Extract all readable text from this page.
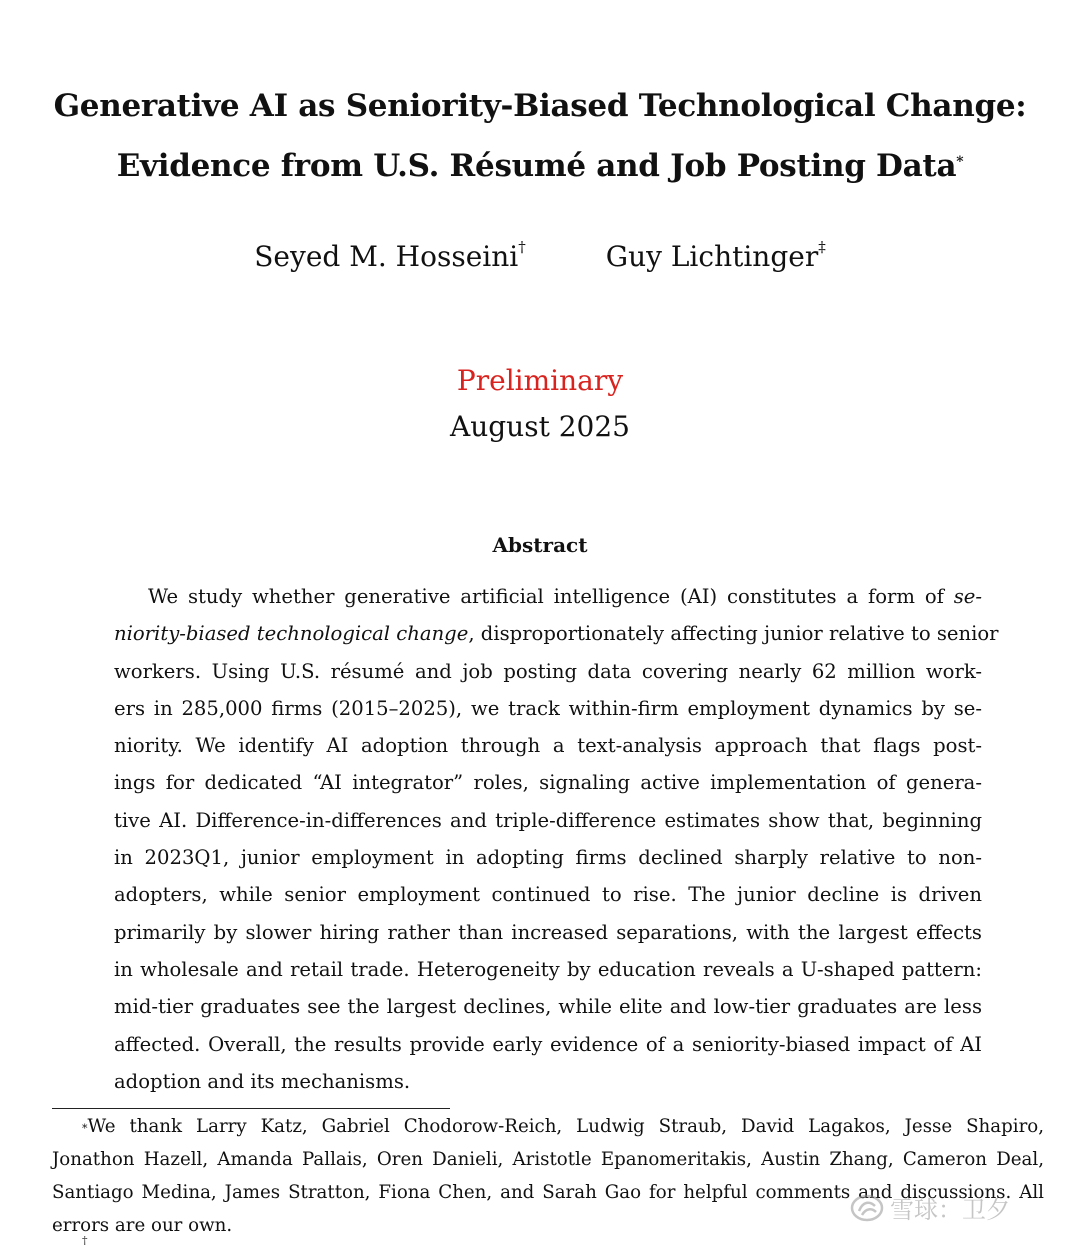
Generative AI as Seniority-Biased Technological Change:
Evidence from U.S. Résumé and Job Posting Data*
Seyed M. Hosseini†	Guy Lichtinger‡
Preliminary
August 2025
Abstract
We study whether generative artificial intelligence (AI) constitutes a form of se-
niority-biased technological change, disproportionately affecting junior relative to senior
workers. Using U.S. résumé and job posting data covering nearly 62 million work-
ers in 285,000 firms (2015–2025), we track within-firm employment dynamics by se-
niority. We identify AI adoption through a text-analysis approach that flags post-
ings for dedicated “AI integrator” roles, signaling active implementation of genera-
tive AI. Difference-in-differences and triple-difference estimates show that, beginning
in 2023Q1, junior employment in adopting firms declined sharply relative to non-
adopters, while senior employment continued to rise. The junior decline is driven
primarily by slower hiring rather than increased separations, with the largest effects
in wholesale and retail trade. Heterogeneity by education reveals a U-shaped pattern:
mid-tier graduates see the largest declines, while elite and low-tier graduates are less
affected. Overall, the results provide early evidence of a seniority-biased impact of AI
adoption and its mechanisms.
*We thank Larry Katz, Gabriel Chodorow-Reich, Ludwig Straub, David Lagakos, Jesse Shapiro,
Jonathon Hazell, Amanda Pallais, Oren Danieli, Aristotle Epanomeritakis, Austin Zhang, Cameron Deal,
Santiago Medina, James Stratton, Fiona Chen, and Sarah Gao for helpful comments and discussions. All
errors are our own.
雪球：卫夕
†
